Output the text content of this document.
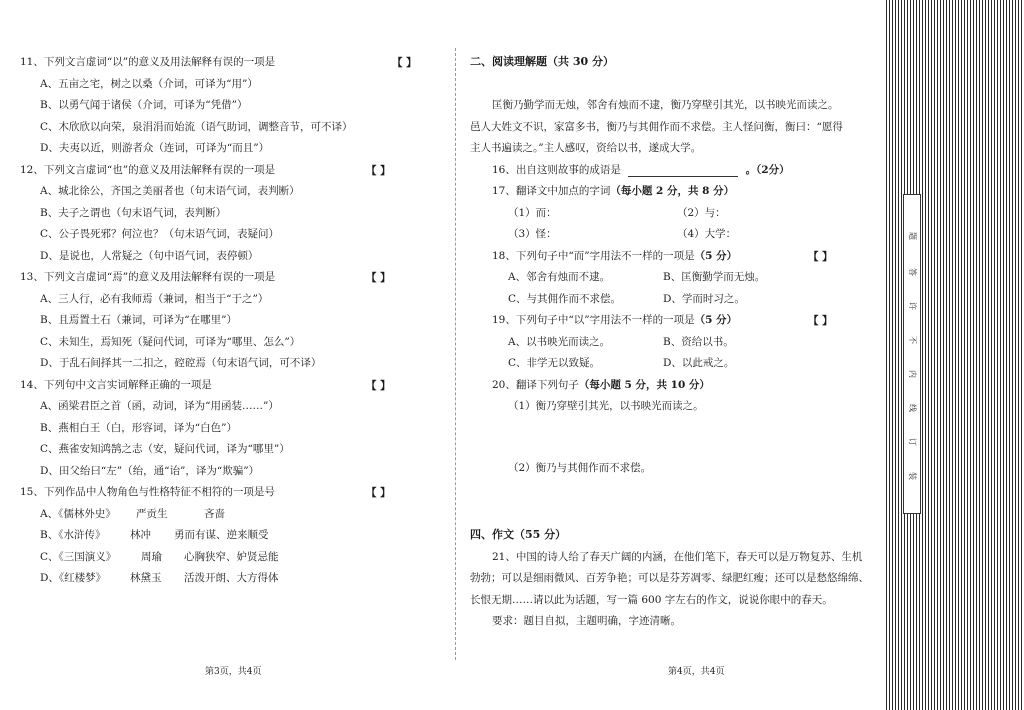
11、下列文言虚词“以”的意义及用法解释有误的一项是	【 】
A、五亩之宅，树之以桑（介词，可译为“用”）
B、以勇气闻于诸侯（介词，可译为“凭借”）
C、木欣欣以向荣，泉涓涓而始流（语气助词，调整音节，可不译）
D、夫夷以近，则游者众（连词，可译为“而且”）
12、下列文言虚词“也”的意义及用法解释有误的一项是	【 】
A、城北徐公，齐国之美丽者也（句末语气词，表判断）
B、夫子之谓也（句末语气词，表判断）
C、公子畏死邪？何泣也？（句末语气词，表疑问）
D、是说也，人常疑之（句中语气词，表停顿）
13、下列文言虚词“焉”的意义及用法解释有误的一项是	【 】
A、三人行，必有我师焉（兼词，相当于“于之”）
B、且焉置土石（兼词，可译为“在哪里”）
C、未知生，焉知死（疑问代词，可译为“哪里、怎么”）
D、于乱石间择其一二扣之，硿硿焉（句末语气词，可不译）
14、下列句中文言实词解释正确的一项是	【 】
A、函梁君臣之首（函，动词，译为“用函装……”）
B、燕相白王（白，形容词，译为“白色”）
C、燕雀安知鸿鹄之志（安，疑问代词，译为“哪里”）
D、田父绐曰“左”（绐，通“诒”，译为“欺骗”）
15、下列作品中人物角色与性格特征不相符的一项是号	【 】
A、《儒林外史》 严贡生	吝啬
B、《水浒传》 林冲 勇而有谋、逆来顺受
C、《三国演义》 周瑜 心胸狭窄、妒贤忌能
D、《红楼梦》 林黛玉 活泼开朗、大方得体
第3页，共4页
二、阅读理解题（共 30 分）
匡衡乃勤学而无烛，邻舍有烛而不逮，衡乃穿壁引其光，以书映光而读之。
邑人大姓文不识，家富多书，衡乃与其佣作而不求偿。主人怪问衡，衡曰：“愿得
主人书遍读之。”主人感叹，资给以书，遂成大学。
16、出自这则故事的成语是	。（2分）
17、翻译文中加点的字词（每小题 2 分，共 8 分）
（1）而：	（2）与：
（3）怪：	（4）大学：
18、下列句子中“而”字用法不一样的一项是（5 分）	【 】
A、邻舍有烛而不逮。	B、匡衡勤学而无烛。
C、与其佣作而不求偿。	D、学而时习之。
19、下列句子中“以”字用法不一样的一项是（5 分）	【 】
A、以书映光而读之。	B、资给以书。
C、非学无以致疑。	D、以此戒之。
20、翻译下列句子（每小题 5 分，共 10 分）
（1）衡乃穿壁引其光，以书映光而读之。
（2）衡乃与其佣作而不求偿。
四、作文（55 分）
21、中国的诗人给了春天广阔的内涵，在他们笔下，春天可以是万物复苏、生机
勃勃；可以是细雨微风、百芳争艳；可以是芬芳凋零、绿肥红瘦；还可以是愁悠绵绵、
长恨无期……请以此为话题，写一篇 600 字左右的作文，说说你眼中的春天。
要求：题目自拟，主题明确，字迹清晰。
第4页，共4页
题
答
许
不
内
线
订
装
